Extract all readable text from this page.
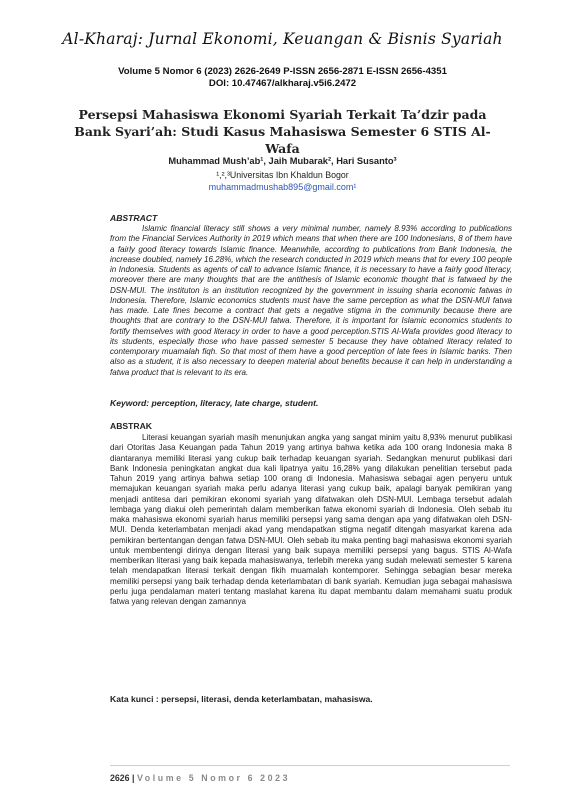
Al-Kharaj: Jurnal Ekonomi, Keuangan & Bisnis Syariah
Volume 5 Nomor 6 (2023) 2626-2649 P-ISSN 2656-2871 E-ISSN 2656-4351
DOI: 10.47467/alkharaj.v5i6.2472
Persepsi Mahasiswa Ekonomi Syariah Terkait Ta’dzir pada Bank Syari’ah: Studi Kasus Mahasiswa Semester 6 STIS Al-Wafa
Muhammad Mush’ab¹, Jaih Mubarak², Hari Susanto³
¹,²,³Universitas Ibn Khaldun Bogor
muhammadmushab895@gmail.com¹
ABSTRACT
Islamic financial literacy still shows a very minimal number, namely 8.93% according to publications from the Financial Services Authority in 2019 which means that when there are 100 Indonesians, 8 of them have a fairly good literacy towards Islamic finance. Meanwhile, according to publications from Bank Indonesia, the increase doubled, namely 16.28%, which the research conducted in 2019 which means that for every 100 people in Indonesia. Students as agents of call to advance Islamic finance, it is necessary to have a fairly good literacy, moreover there are many thoughts that are the antithesis of Islamic economic thought that is fatwaed by the DSN-MUI. The instituton is an institution recognized by the government in issuing sharia economic fatwas in Indonesia. Therefore, Islamic economics students must have the same perception as what the DSN-MUI fatwa has made. Late fines become a contract that gets a negative stigma in the community because there are thoughts that are contrary to the DSN-MUI fatwa. Therefore, it is important for Islamic economics students to fortify themselves with good literacy in order to have a good perception.STIS Al-Wafa provides good literacy to its students, especially those who have passed semester 5 because they have obtained literacy related to contemporary muamalah fiqh. So that most of them have a good perception of late fees in Islamic banks. Then also as a student, it is also necessary to deepen material about benefits because it can help in understanding a fatwa product that is relevant to its era.
Keyword: perception, literacy, late charge, student.
ABSTRAK
Literasi keuangan syariah masih menunjukan angka yang sangat minim yaitu 8,93% menurut publikasi dari Otoritas Jasa Keuangan pada Tahun 2019 yang artinya bahwa ketika ada 100 orang Indonesia maka 8 diantaranya memiliki literasi yang cukup baik terhadap keuangan syariah. Sedangkan menurut publikasi dari Bank Indonesia peningkatan angkat dua kali lipatnya yaitu 16,28% yang dilakukan penelitian tersebut pada Tahun 2019 yang artinya bahwa setiap 100 orang di Indonesia. Mahasiswa sebagai agen penyeru untuk memajukan keuangan syariah maka perlu adanya literasi yang cukup baik, apalagi banyak pemikiran yang menjadi antitesa dari pemikiran ekonomi syariah yang difatwakan oleh DSN-MUI. Lembaga tersebut adalah lembaga yang diakui oleh pemerintah dalam memberikan fatwa ekonomi syariah di Indonesia. Oleh sebab itu maka mahasiswa ekonomi syariah harus memiliki persepsi yang sama dengan apa yang difatwakan oleh DSN-MUI. Denda keterlambatan menjadi akad yang mendapatkan stigma negatif ditengah masyarkat karena ada pemikiran bertentangan dengan fatwa DSN-MUI. Oleh sebab itu maka penting bagi mahasiswa ekonomi syariah untuk membentengi dirinya dengan literasi yang baik supaya memiliki persepsi yang bagus. STIS Al-Wafa memberikan literasi yang baik kepada mahasiswanya, terlebih mereka yang sudah melewati semester 5 karena telah mendapatkan literasi terkait dengan fikih muamalah kontemporer. Sehingga sebagian besar mereka memiliki persepsi yang baik terhadap denda keterlambatan di bank syariah. Kemudian juga sebagai mahasiswa perlu juga pendalaman materi tentang maslahat karena itu dapat membantu dalam memahami suatu produk fatwa yang relevan dengan zamannya
Kata kunci : persepsi, literasi, denda keterlambatan, mahasiswa.
2626 | Volume 5 Nomor 6 2023
